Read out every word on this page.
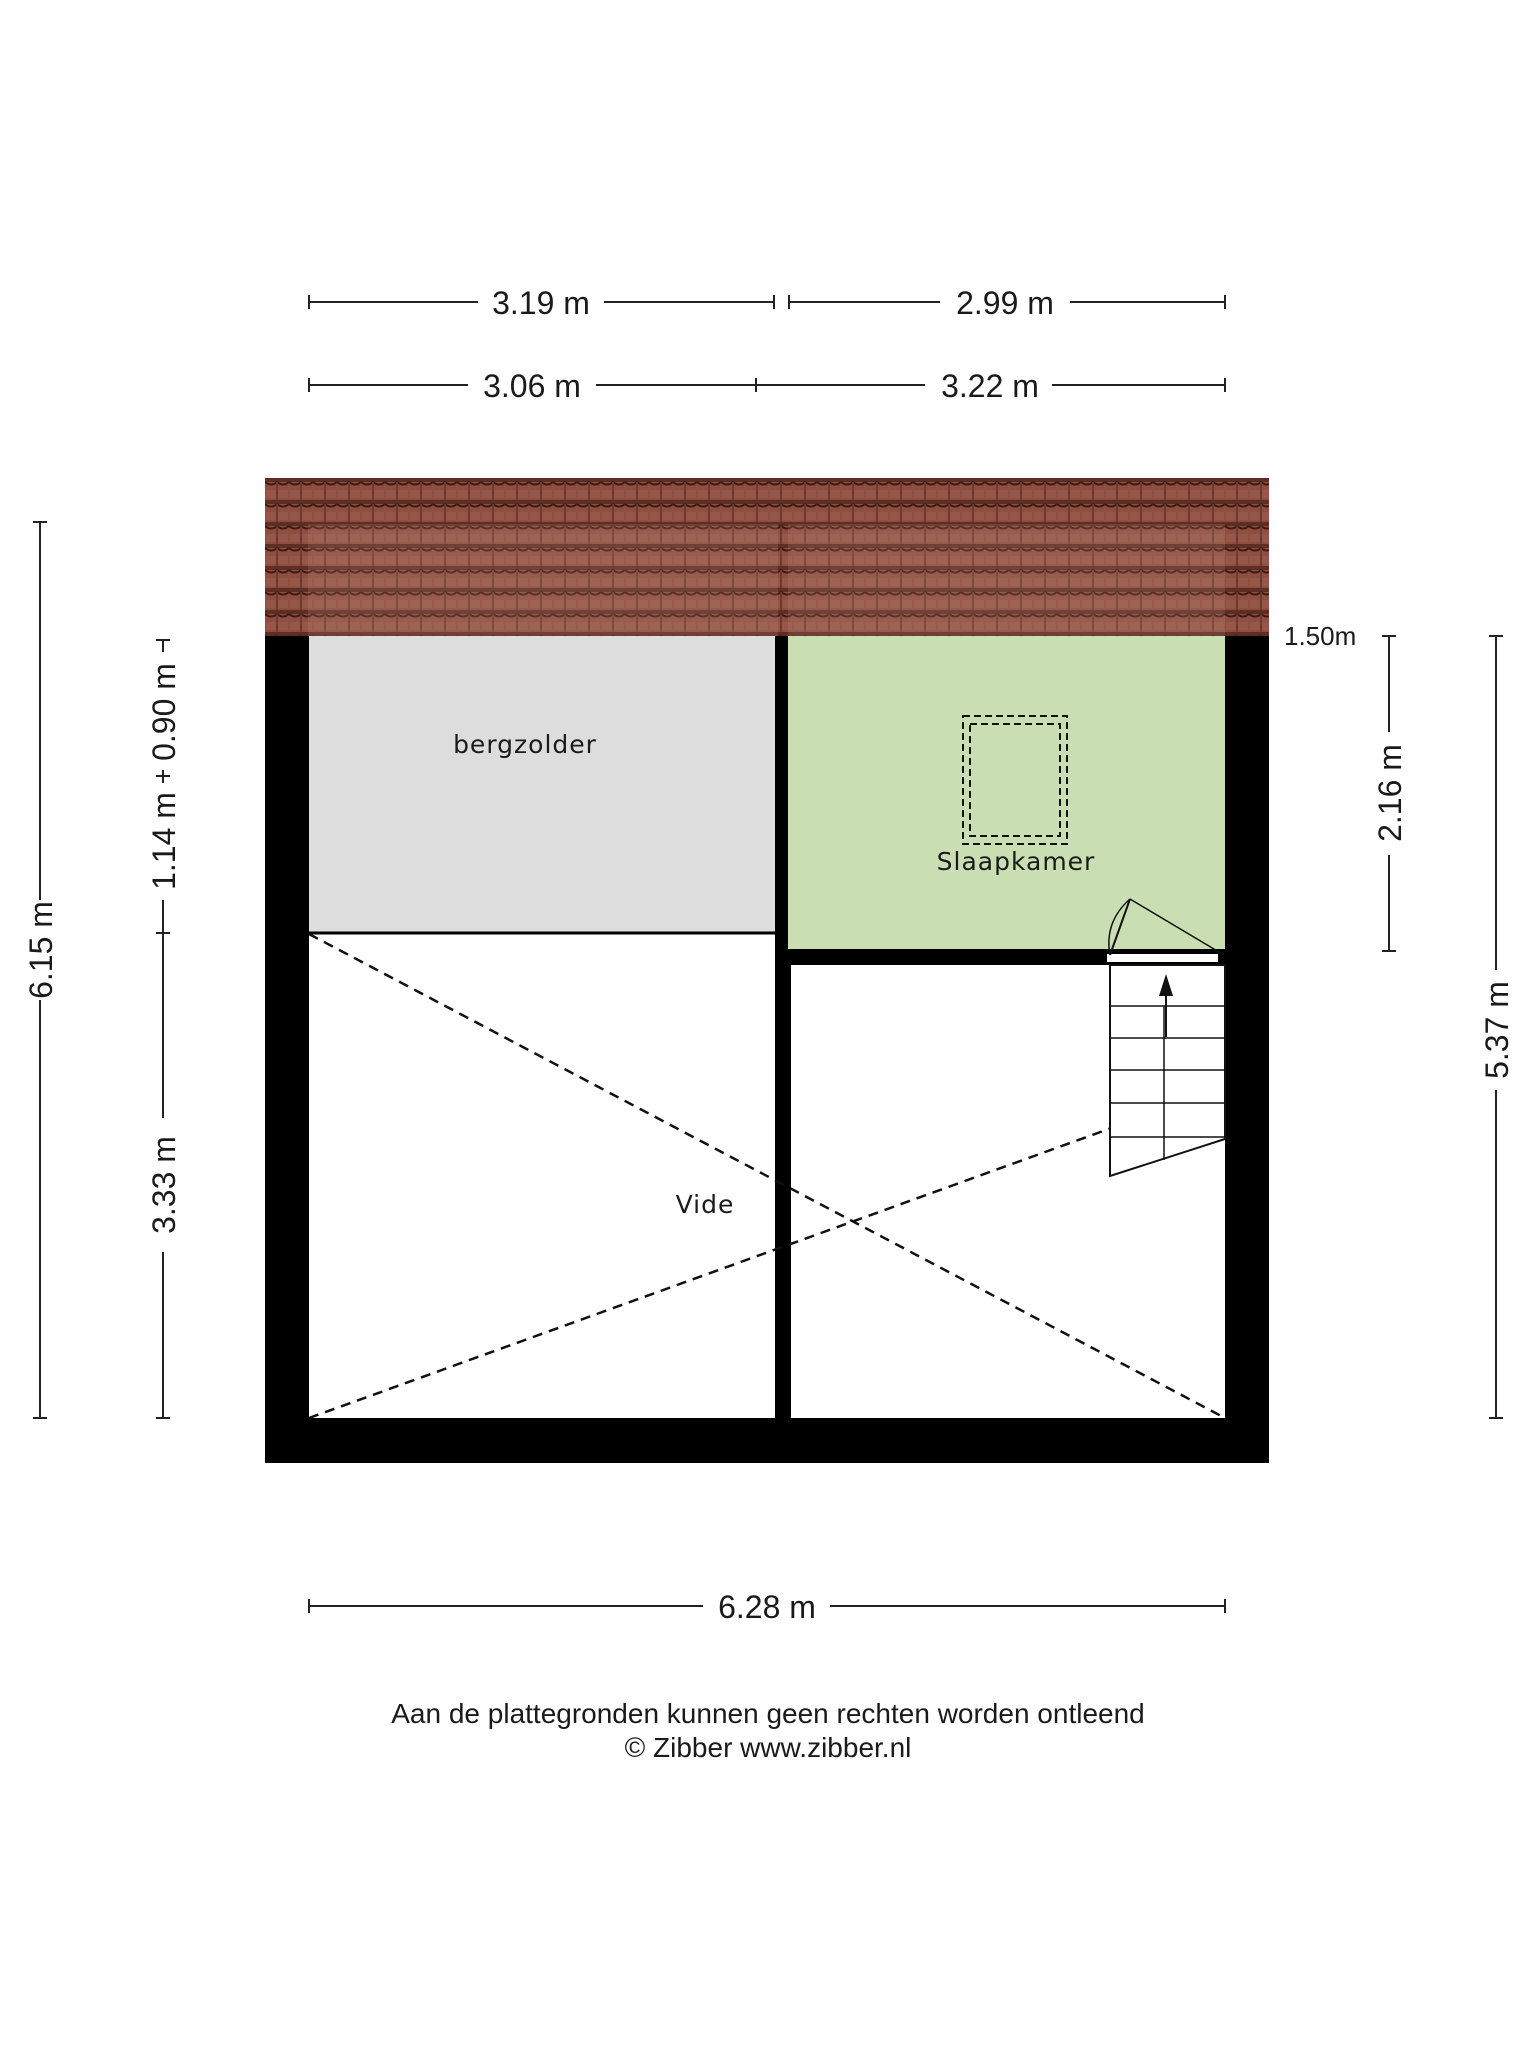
3.19 m	2.99 m
3.06 m	3.22 m
bergzolder
Slaapkamer
Vide
6.15 m
0.90 m
1.14 m
3.33 m
1.50m
2.16 m
5.37 m
6.28 m
Aan de plattegronden kunnen geen rechten worden ontleend
© Zibber www.zibber.nl
